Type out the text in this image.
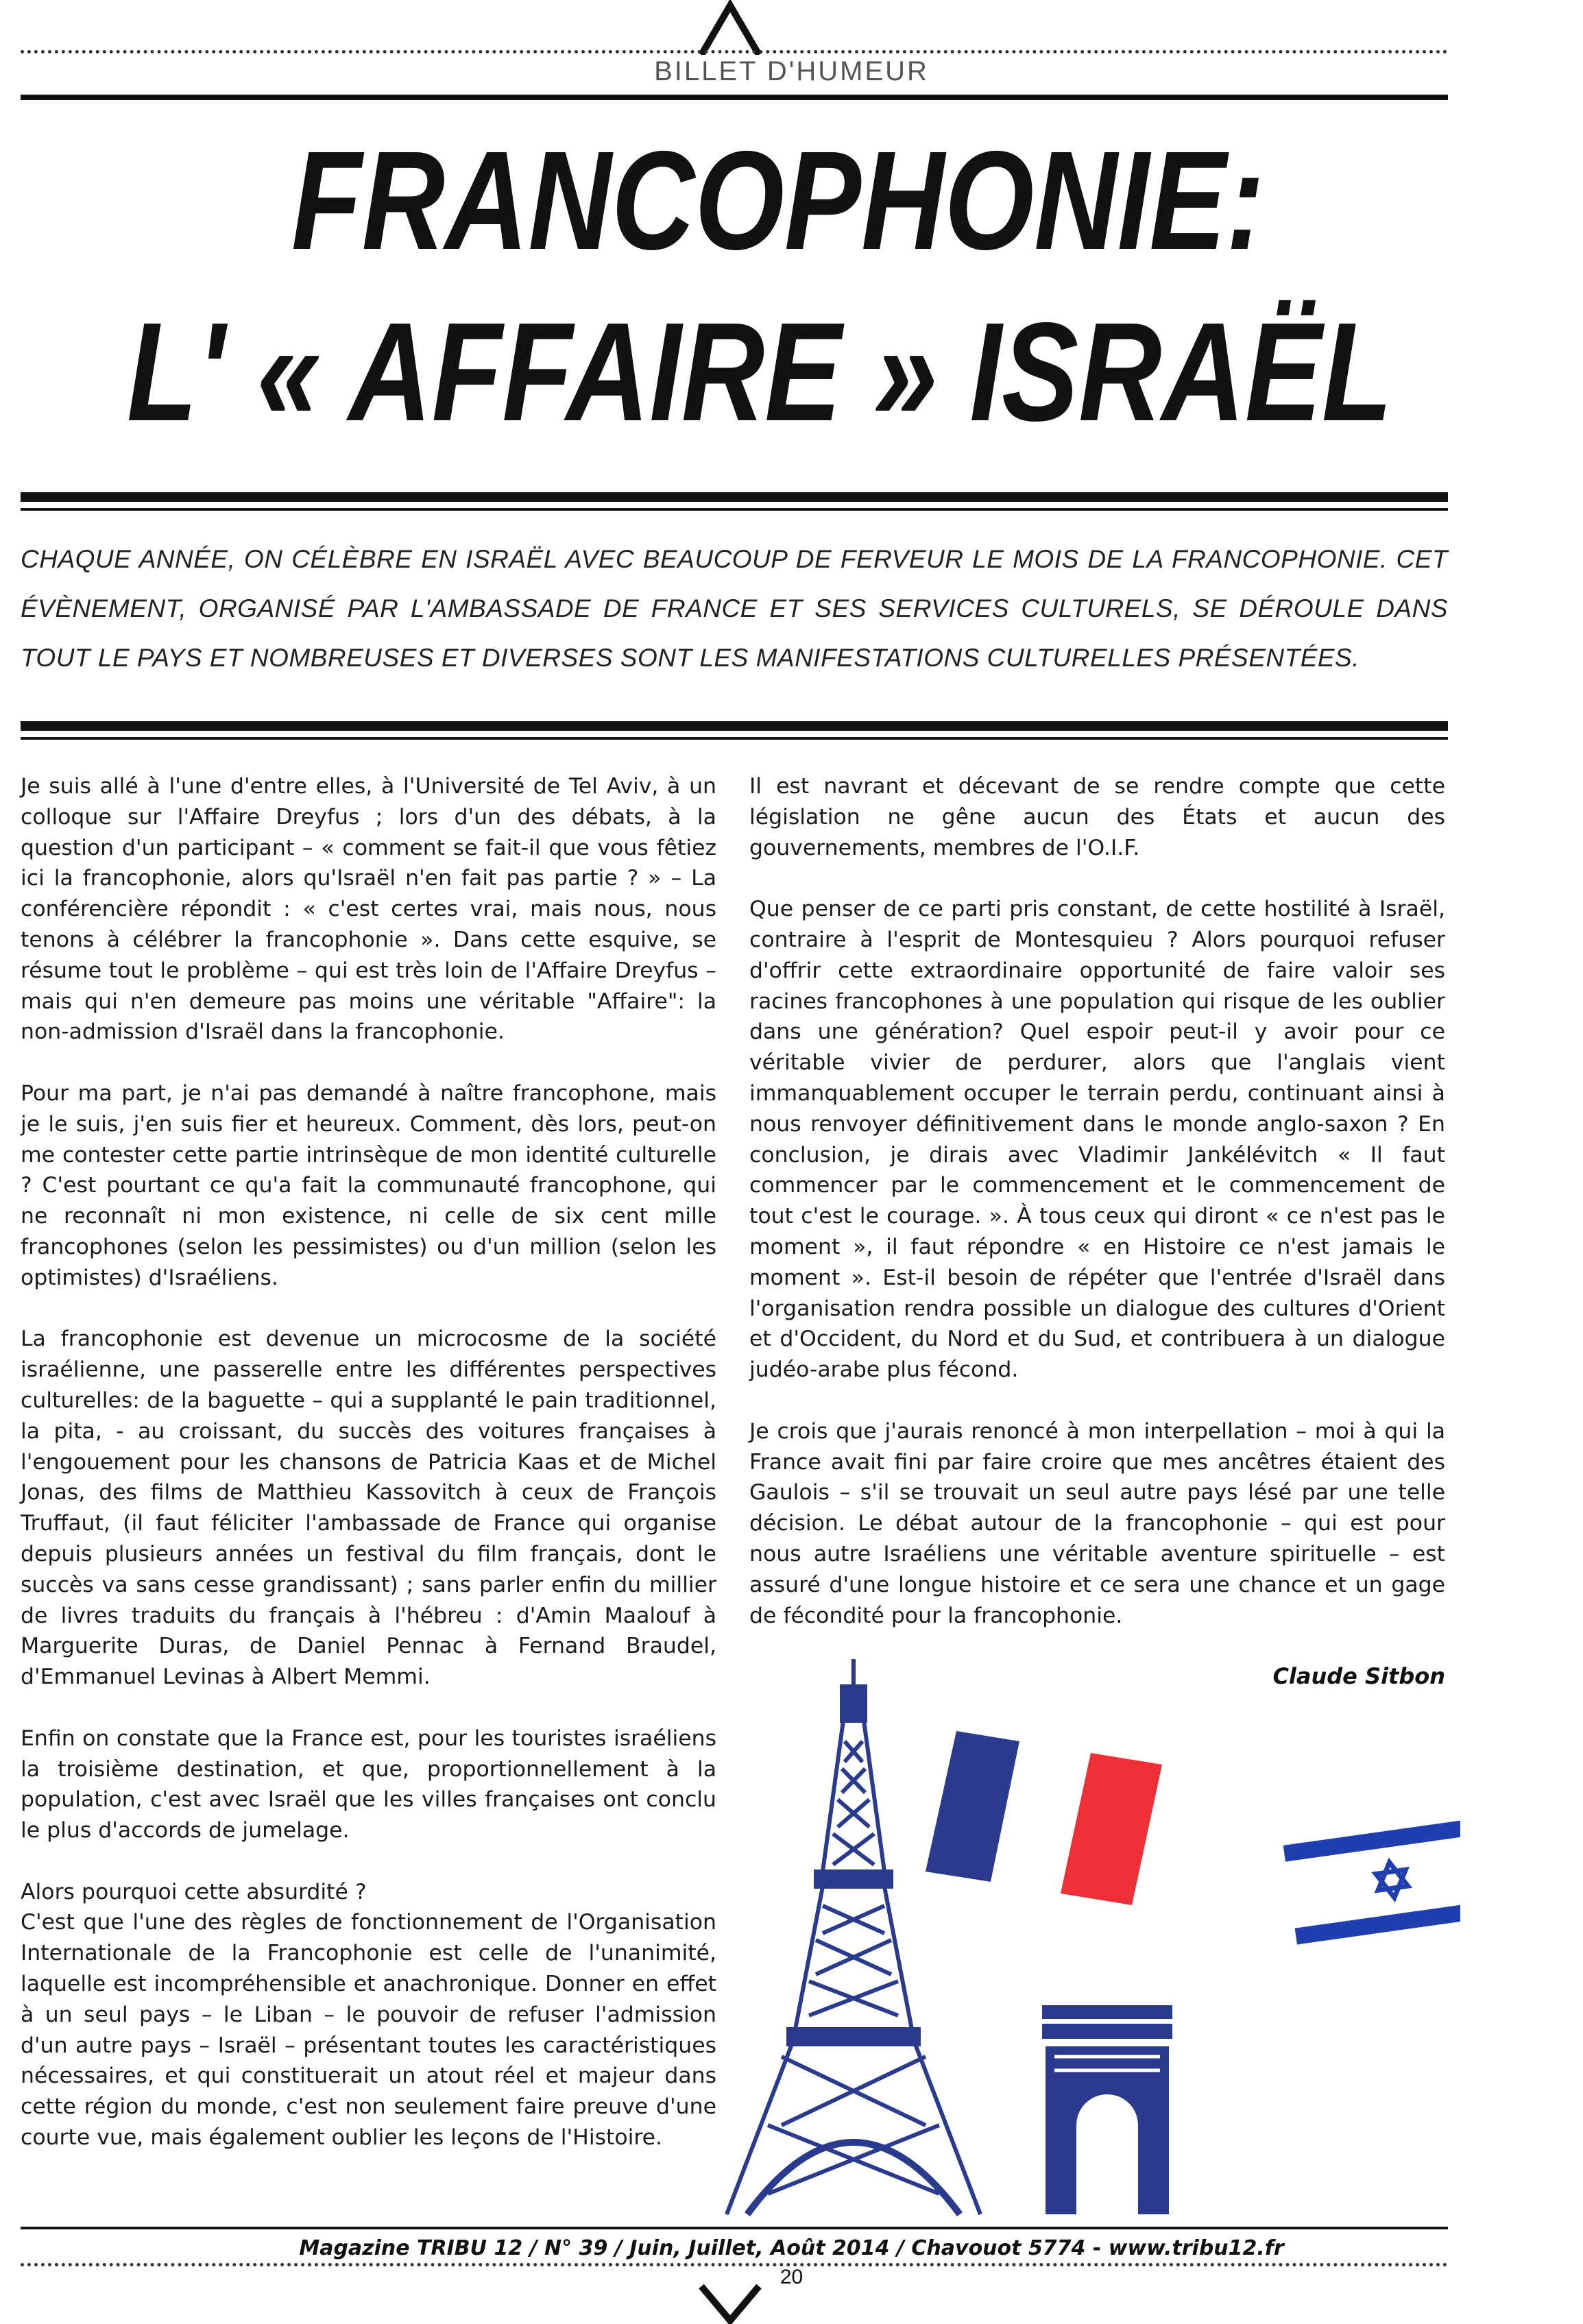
BILLET D'HUMEUR
FRANCOPHONIE:
L' « AFFAIRE » ISRAËL
CHAQUE ANNÉE, ON CÉLÈBRE EN ISRAËL AVEC BEAUCOUP DE FERVEUR LE MOIS DE LA FRANCOPHONIE. CET ÉVÈNEMENT, ORGANISÉ PAR L'AMBASSADE DE FRANCE ET SES SERVICES CULTURELS, SE DÉROULE DANS TOUT LE PAYS ET NOMBREUSES ET DIVERSES SONT LES MANIFESTATIONS CULTURELLES PRÉSENTÉES.

Je suis allé à l'une d'entre elles, à l'Université de Tel Aviv, à un colloque sur l'Affaire Dreyfus ; lors d'un des débats, à la question d'un participant – « comment se fait-il que vous fêtiez ici la francophonie, alors qu'Israël n'en fait pas partie ? » – La conférencière répondit : « c'est certes vrai, mais nous, nous tenons à célébrer la francophonie ». Dans cette esquive, se résume tout le problème – qui est très loin de l'Affaire Dreyfus – mais qui n'en demeure pas moins une véritable "Affaire": la non-admission d'Israël dans la francophonie.

Pour ma part, je n'ai pas demandé à naître francophone, mais je le suis, j'en suis fier et heureux. Comment, dès lors, peut-on me contester cette partie intrinsèque de mon identité culturelle ? C'est pourtant ce qu'a fait la communauté francophone, qui ne reconnaît ni mon existence, ni celle de six cent mille francophones (selon les pessimistes) ou d'un million (selon les optimistes) d'Israéliens.

La francophonie est devenue un microcosme de la société israélienne, une passerelle entre les différentes perspectives culturelles: de la baguette – qui a supplanté le pain traditionnel, la pita, - au croissant, du succès des voitures françaises à l'engouement pour les chansons de Patricia Kaas et de Michel Jonas, des films de Matthieu Kassovitch à ceux de François Truffaut, (il faut féliciter l'ambassade de France qui organise depuis plusieurs années un festival du film français, dont le succès va sans cesse grandissant) ; sans parler enfin du millier de livres traduits du français à l'hébreu : d'Amin Maalouf à Marguerite Duras, de Daniel Pennac à Fernand Braudel, d'Emmanuel Levinas à Albert Memmi.

Enfin on constate que la France est, pour les touristes israéliens la troisième destination, et que, proportionnellement à la population, c'est avec Israël que les villes françaises ont conclu le plus d'accords de jumelage.

Alors pourquoi cette absurdité ?

C'est que l'une des règles de fonctionnement de l'Organisation Internationale de la Francophonie est celle de l'unanimité, laquelle est incompréhensible et anachronique. Donner en effet à un seul pays – le Liban – le pouvoir de refuser l'admission d'un autre pays – Israël – présentant toutes les caractéristiques nécessaires, et qui constituerait un atout réel et majeur dans cette région du monde, c'est non seulement faire preuve d'une courte vue, mais également oublier les leçons de l'Histoire.

Il est navrant et décevant de se rendre compte que cette législation ne gêne aucun des États et aucun des gouvernements, membres de l'O.I.F.

Que penser de ce parti pris constant, de cette hostilité à Israël, contraire à l'esprit de Montesquieu ? Alors pourquoi refuser d'offrir cette extraordinaire opportunité de faire valoir ses racines francophones à une population qui risque de les oublier dans une génération? Quel espoir peut-il y avoir pour ce véritable vivier de perdurer, alors que l'anglais vient immanquablement occuper le terrain perdu, continuant ainsi à nous renvoyer définitivement dans le monde anglo-saxon ? En conclusion, je dirais avec Vladimir Jankélévitch « Il faut commencer par le commencement et le commencement de tout c'est le courage. ». À tous ceux qui diront « ce n'est pas le moment », il faut répondre « en Histoire ce n'est jamais le moment ». Est-il besoin de répéter que l'entrée d'Israël dans l'organisation rendra possible un dialogue des cultures d'Orient et d'Occident, du Nord et du Sud, et contribuera à un dialogue judéo-arabe plus fécond.

Je crois que j'aurais renoncé à mon interpellation – moi à qui la France avait fini par faire croire que mes ancêtres étaient des Gaulois – s'il se trouvait un seul autre pays lésé par une telle décision. Le débat autour de la francophonie – qui est pour nous autre Israéliens une véritable aventure spirituelle – est assuré d'une longue histoire et ce sera une chance et un gage de fécondité pour la francophonie.

Claude Sitbon
Magazine TRIBU 12 / N° 39 / Juin, Juillet, Août 2014 / Chavouot 5774 - www.tribu12.fr
20
